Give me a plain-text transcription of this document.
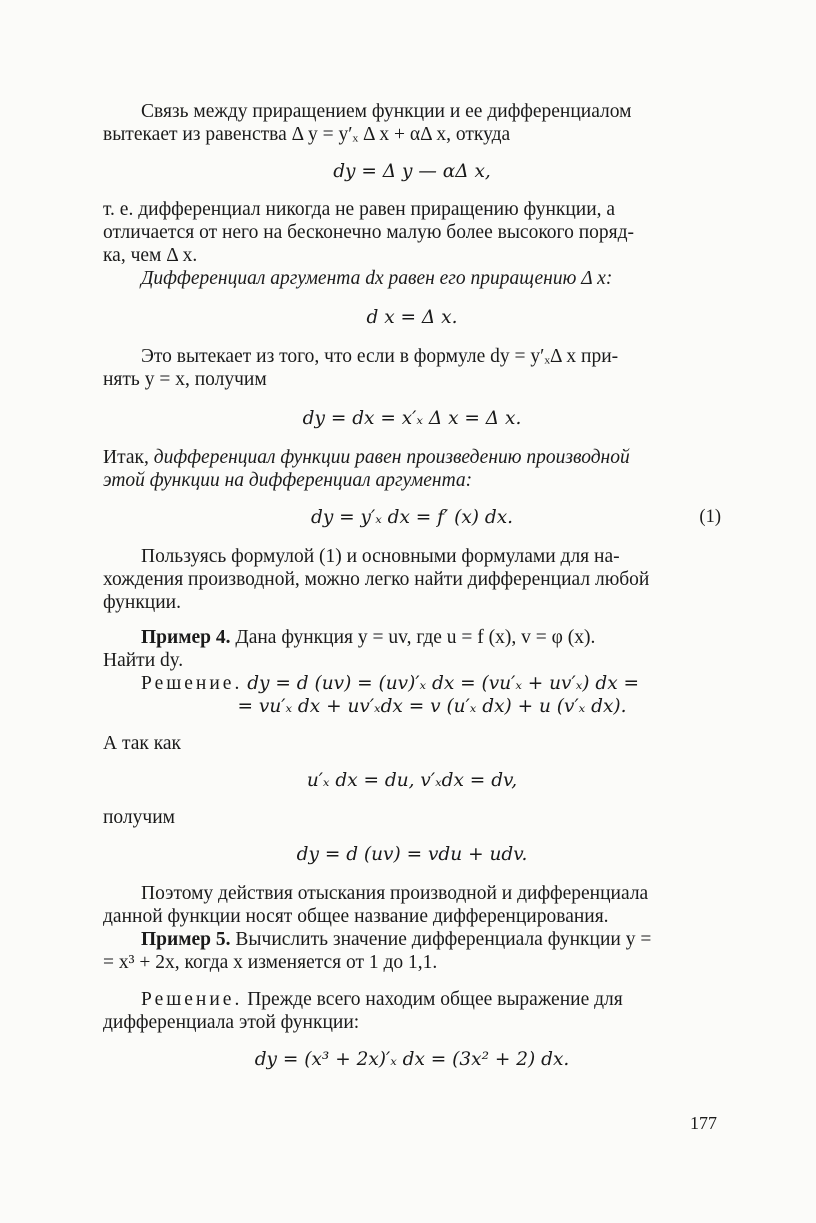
Связь между приращением функции и ее дифференциалом

вытекает из равенства Δ y = y′ₓ Δ x + αΔ x, откуда

dy = Δ y — αΔ x,

т. е. дифференциал никогда не равен приращению функции, а

отличается от него на бесконечно малую более высокого поряд-

ка, чем Δ x.

Дифференциал аргумента dx равен его приращению Δ x:

d x = Δ x.

Это вытекает из того, что если в формуле dy = y′ₓΔ x при-

нять y = x, получим

dy = dx = x′ₓ Δ x = Δ x.

Итак, дифференциал функции равен произведению производной

этой функции на дифференциал аргумента:

dy = y′ₓ dx = f′ (x) dx.	(1)

Пользуясь формулой (1) и основными формулами для на-

хождения производной, можно легко найти дифференциал любой

функции.

Пример 4. Дана функция y = uv, где u = f (x), v = φ (x).

Найти dy.

Решение. dy = d (uv) = (uv)′ₓ dx = (vu′ₓ + uv′ₓ) dx =

= vu′ₓ dx + uv′ₓdx = v (u′ₓ dx) + u (v′ₓ dx).

А так как

u′ₓ dx = du, v′ₓdx = dv,

получим

dy = d (uv) = vdu + udv.

Поэтому действия отыскания производной и дифференциала

данной функции носят общее название дифференцирования.

Пример 5. Вычислить значение дифференциала функции y =

= x³ + 2x, когда x изменяется от 1 до 1,1.

Решение. Прежде всего находим общее выражение для

дифференциала этой функции:

dy = (x³ + 2x)′ₓ dx = (3x² + 2) dx.

177
